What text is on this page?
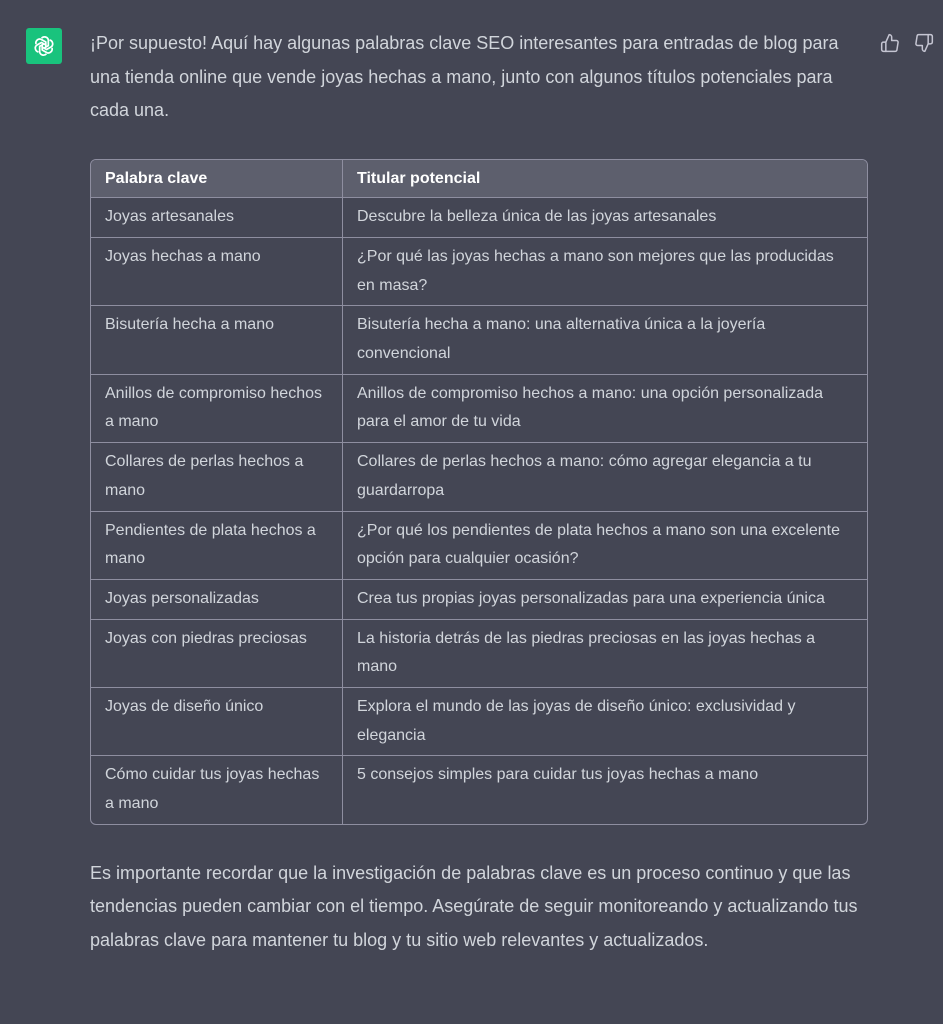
¡Por supuesto! Aquí hay algunas palabras clave SEO interesantes para entradas de blog para una tienda online que vende joyas hechas a mano, junto con algunos títulos potenciales para cada una.

Palabra clave	Titular potencial
Joyas artesanales	Descubre la belleza única de las joyas artesanales
Joyas hechas a mano	¿Por qué las joyas hechas a mano son mejores que las producidas en masa?
Bisutería hecha a mano	Bisutería hecha a mano: una alternativa única a la joyería convencional
Anillos de compromiso hechos a mano	Anillos de compromiso hechos a mano: una opción personalizada para el amor de tu vida
Collares de perlas hechos a mano	Collares de perlas hechos a mano: cómo agregar elegancia a tu guardarropa
Pendientes de plata hechos a mano	¿Por qué los pendientes de plata hechos a mano son una excelente opción para cualquier ocasión?
Joyas personalizadas	Crea tus propias joyas personalizadas para una experiencia única
Joyas con piedras preciosas	La historia detrás de las piedras preciosas en las joyas hechas a mano
Joyas de diseño único	Explora el mundo de las joyas de diseño único: exclusividad y elegancia
Cómo cuidar tus joyas hechas a mano	5 consejos simples para cuidar tus joyas hechas a mano

Es importante recordar que la investigación de palabras clave es un proceso continuo y que las tendencias pueden cambiar con el tiempo. Asegúrate de seguir monitoreando y actualizando tus palabras clave para mantener tu blog y tu sitio web relevantes y actualizados.
